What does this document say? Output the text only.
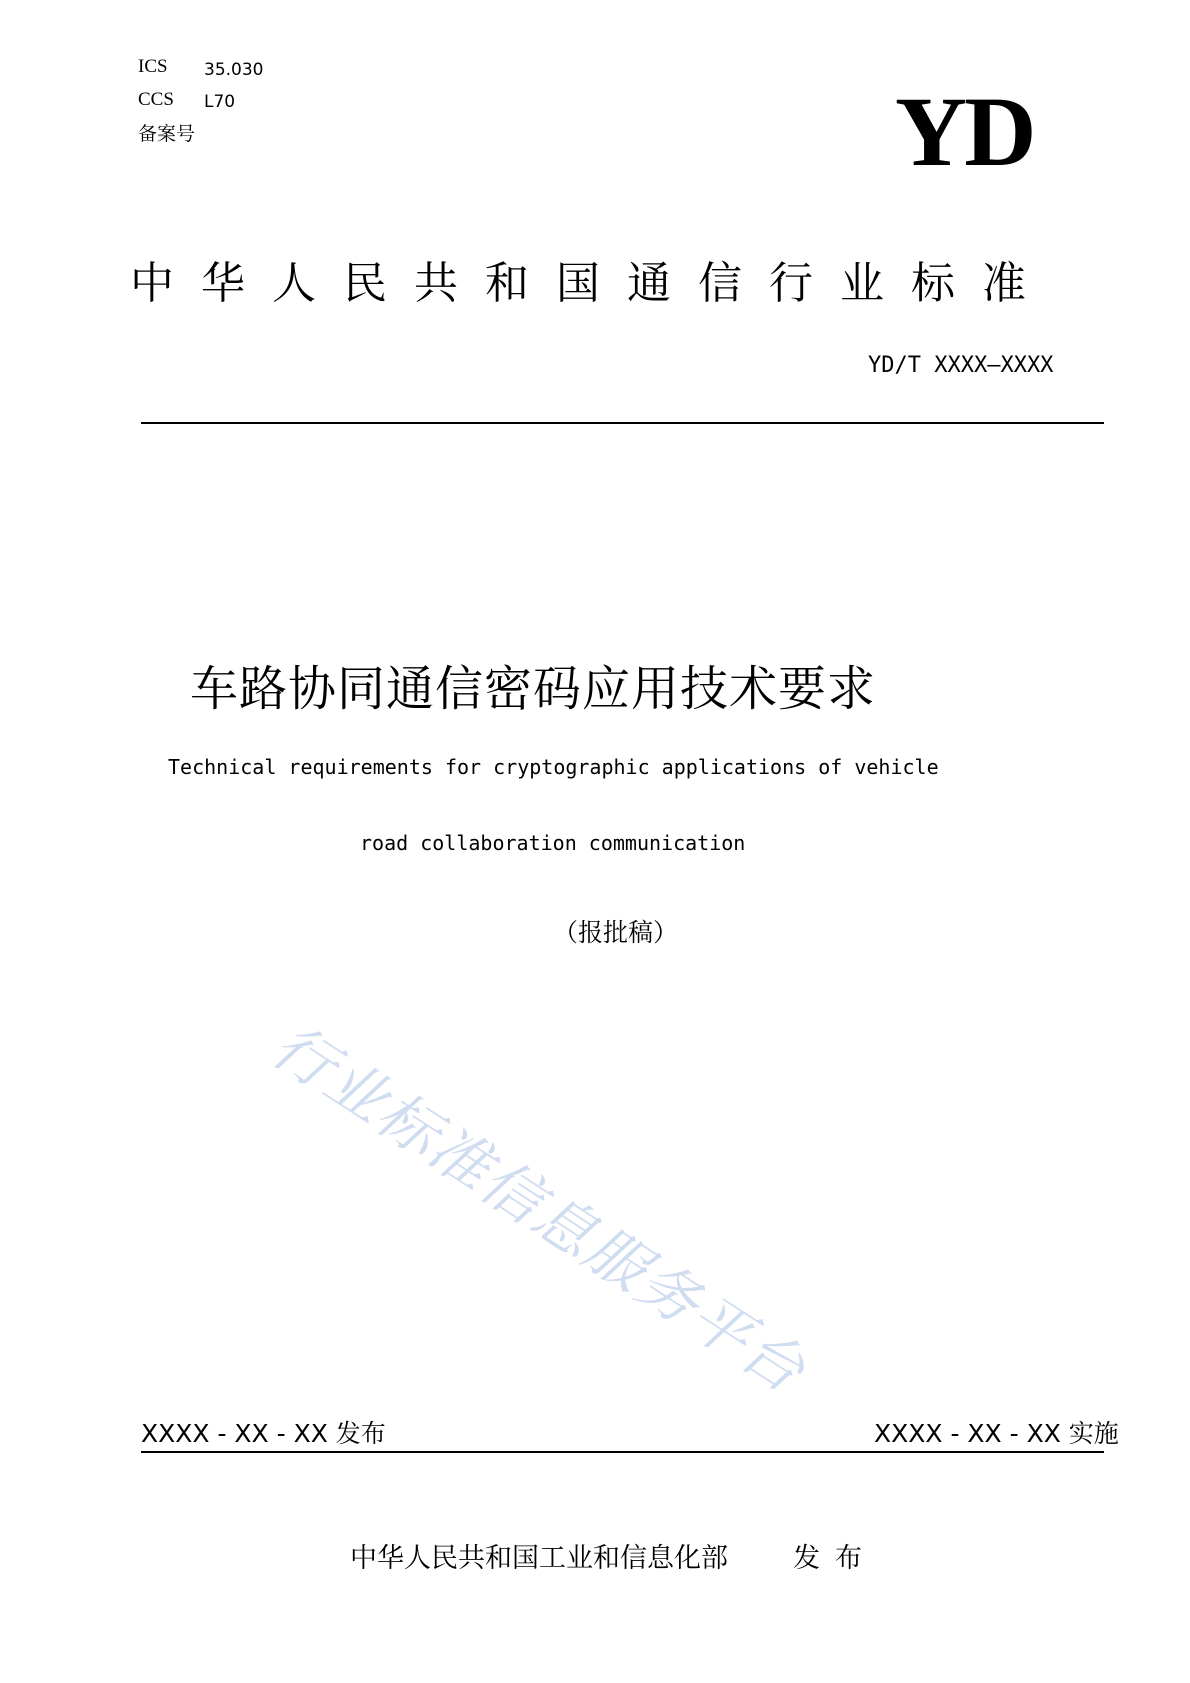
ICS 35.030
CCS L70
备案号	YD
中华人民共和国通信行业标准
YD/T XXXX—XXXX
车路协同通信密码应用技术要求
Technical requirements for cryptographic applications of vehicle
road collaboration communication
（报批稿）
行业标准信息服务平台
XXXX - XX - XX 发布	XXXX - XX - XX 实施
中华人民共和国工业和信息化部 发布
